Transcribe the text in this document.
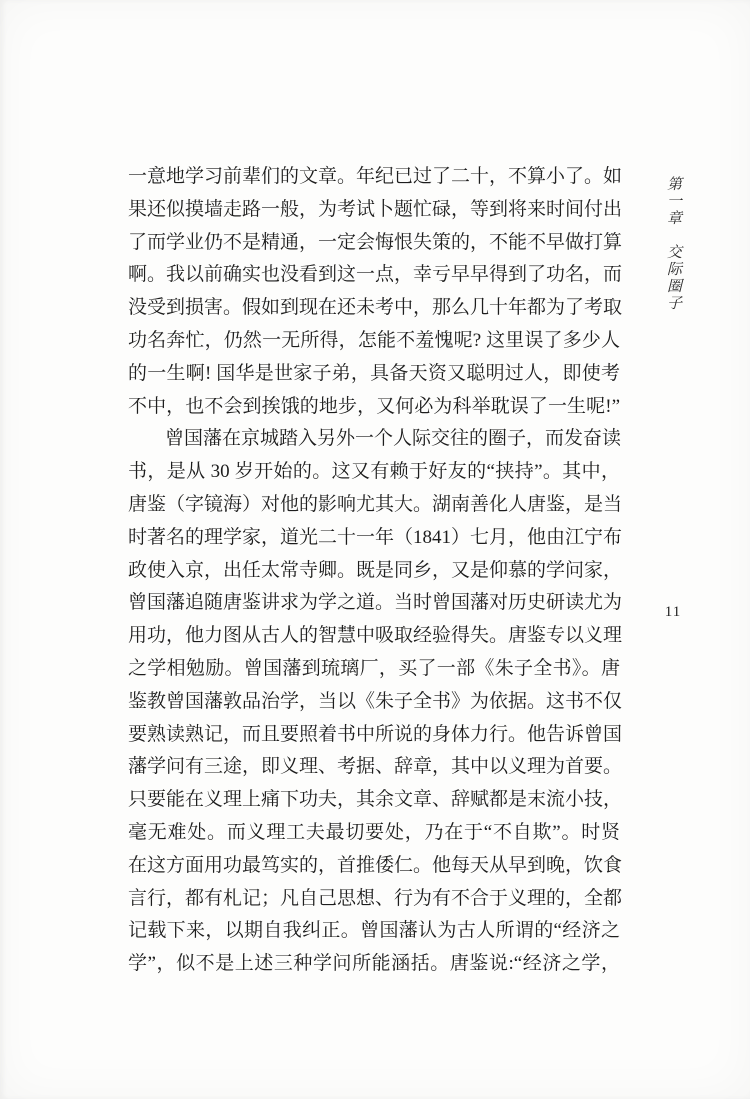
一意地学习前辈们的文章。年纪已过了二十，不算小了。如
果还似摸墙走路一般，为考试卜题忙碌，等到将来时间付出
了而学业仍不是精通，一定会悔恨失策的，不能不早做打算
啊。我以前确实也没看到这一点，幸亏早早得到了功名，而
没受到损害。假如到现在还未考中，那么几十年都为了考取
功名奔忙，仍然一无所得，怎能不羞愧呢? 这里误了多少人
的一生啊! 国华是世家子弟，具备天资又聪明过人，即使考
不中，也不会到挨饿的地步，又何必为科举耽误了一生呢!”
曾国藩在京城踏入另外一个人际交往的圈子，而发奋读
书，是从 30 岁开始的。这又有赖于好友的“挟持”。其中，
唐鉴（字镜海）对他的影响尤其大。湖南善化人唐鉴，是当
时著名的理学家，道光二十一年（1841）七月，他由江宁布
政使入京，出任太常寺卿。既是同乡，又是仰慕的学问家，
曾国藩追随唐鉴讲求为学之道。当时曾国藩对历史研读尤为
用功，他力图从古人的智慧中吸取经验得失。唐鉴专以义理
之学相勉励。曾国藩到琉璃厂，买了一部《朱子全书》。唐
鉴教曾国藩敦品治学，当以《朱子全书》为依据。这书不仅
要熟读熟记，而且要照着书中所说的身体力行。他告诉曾国
藩学问有三途，即义理、考据、辞章，其中以义理为首要。
只要能在义理上痛下功夫，其余文章、辞赋都是末流小技，
毫无难处。而义理工夫最切要处，乃在于“不自欺”。时贤
在这方面用功最笃实的，首推倭仁。他每天从早到晚，饮食
言行，都有札记；凡自己思想、行为有不合于义理的，全都
记载下来，以期自我纠正。曾国藩认为古人所谓的“经济之
学”，似不是上述三种学问所能涵括。唐鉴说:“经济之学，
第一章　交际圈子
11
